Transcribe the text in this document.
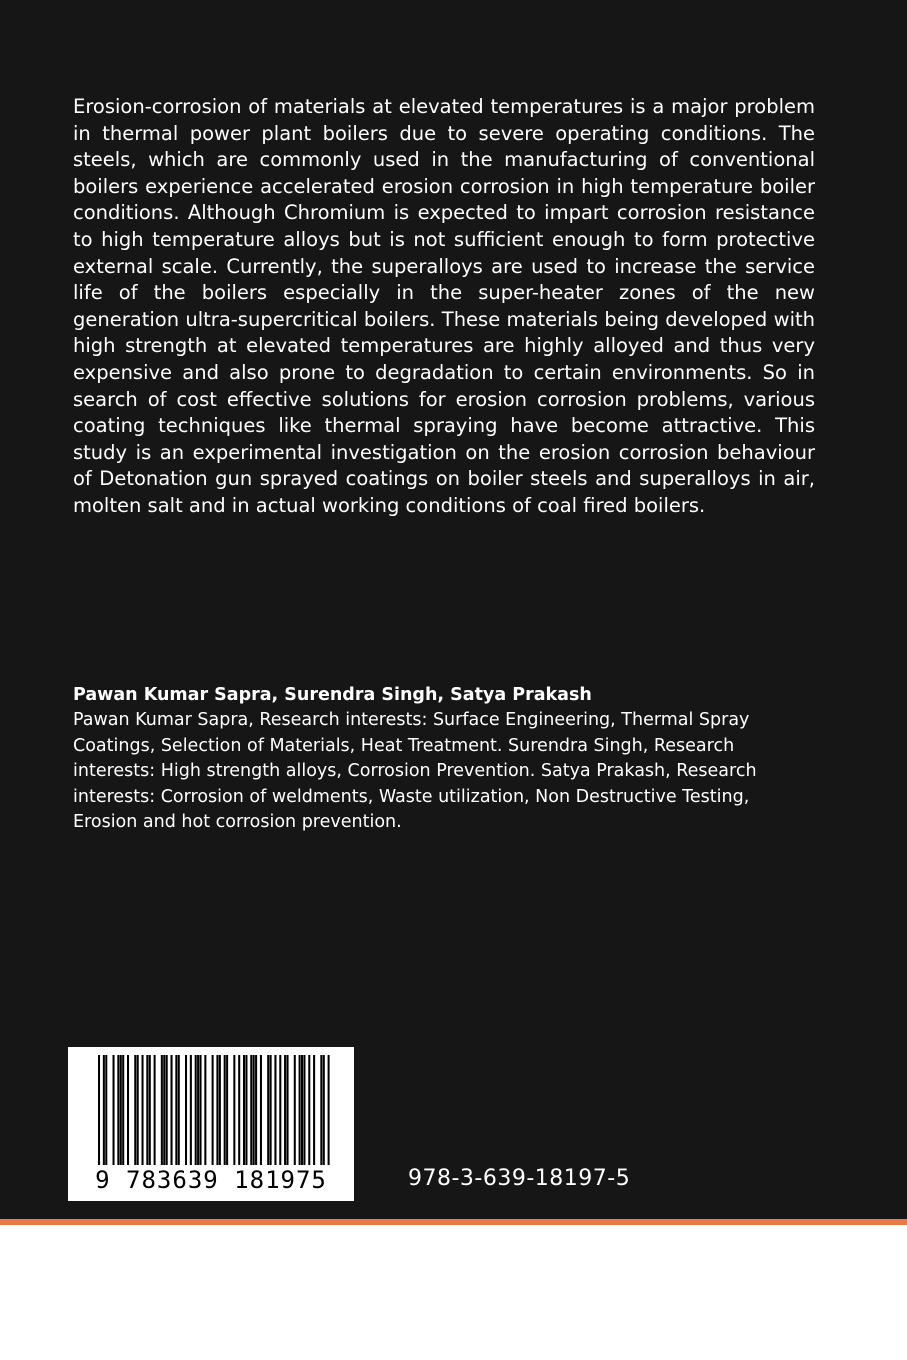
Erosion-corrosion of materials at elevated temperatures is a major problem in thermal power plant boilers due to severe operating conditions. The steels, which are commonly used in the manufacturing of conventional boilers experience accelerated erosion corrosion in high temperature boiler conditions. Although Chromium is expected to impart corrosion resistance to high temperature alloys but is not sufficient enough to form protective external scale. Currently, the superalloys are used to increase the service life of the boilers especially in the super-heater zones of the new generation ultra-supercritical boilers. These materials being developed with high strength at elevated temperatures are highly alloyed and thus very expensive and also prone to degradation to certain environments. So in search of cost effective solutions for erosion corrosion problems, various coating techniques like thermal spraying have become attractive. This study is an experimental investigation on the erosion corrosion behaviour of Detonation gun sprayed coatings on boiler steels and superalloys in air, molten salt and in actual working conditions of coal fired boilers.

Pawan Kumar Sapra, Surendra Singh, Satya Prakash

Pawan Kumar Sapra, Research interests: Surface Engineering, Thermal Spray Coatings, Selection of Materials, Heat Treatment. Surendra Singh, Research interests: High strength alloys, Corrosion Prevention. Satya Prakash, Research interests: Corrosion of weldments, Waste utilization, Non Destructive Testing, Erosion and hot corrosion prevention.

9 783639 181975	978-3-639-18197-5
